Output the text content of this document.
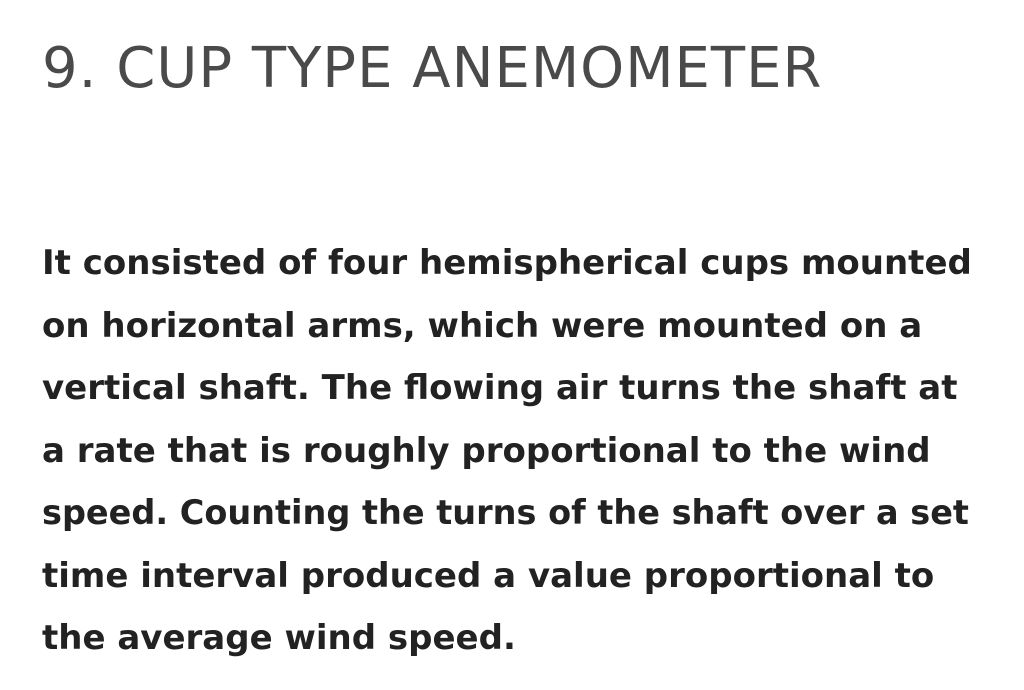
9. CUP TYPE ANEMOMETER

It consisted of four hemispherical cups mounted
on horizontal arms, which were mounted on a
vertical shaft. The flowing air turns the shaft at
a rate that is roughly proportional to the wind
speed. Counting the turns of the shaft over a set
time interval produced a value proportional to
the average wind speed.
